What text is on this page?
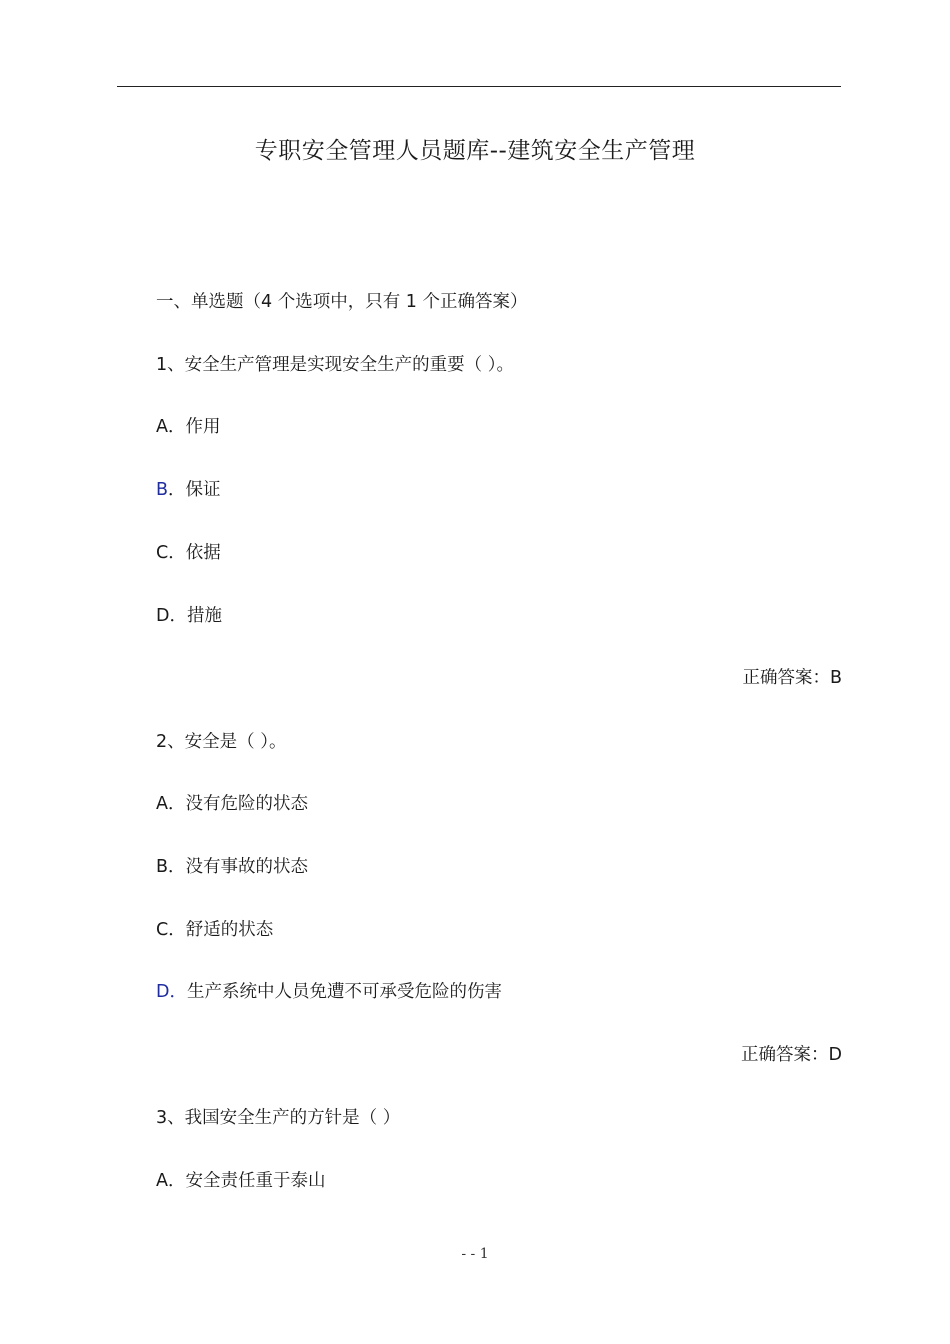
专职安全管理人员题库--建筑安全生产管理
一、单选题（4 个选项中，只有 1 个正确答案）
1、安全生产管理是实现安全生产的重要（ ）。
A．作用
B．保证
C．依据
D．措施
正确答案：B
2、安全是（ ）。
A．没有危险的状态
B．没有事故的状态
C．舒适的状态
D．生产系统中人员免遭不可承受危险的伤害
正确答案：D
3、我国安全生产的方针是（ ）
A．安全责任重于泰山
- - 1
